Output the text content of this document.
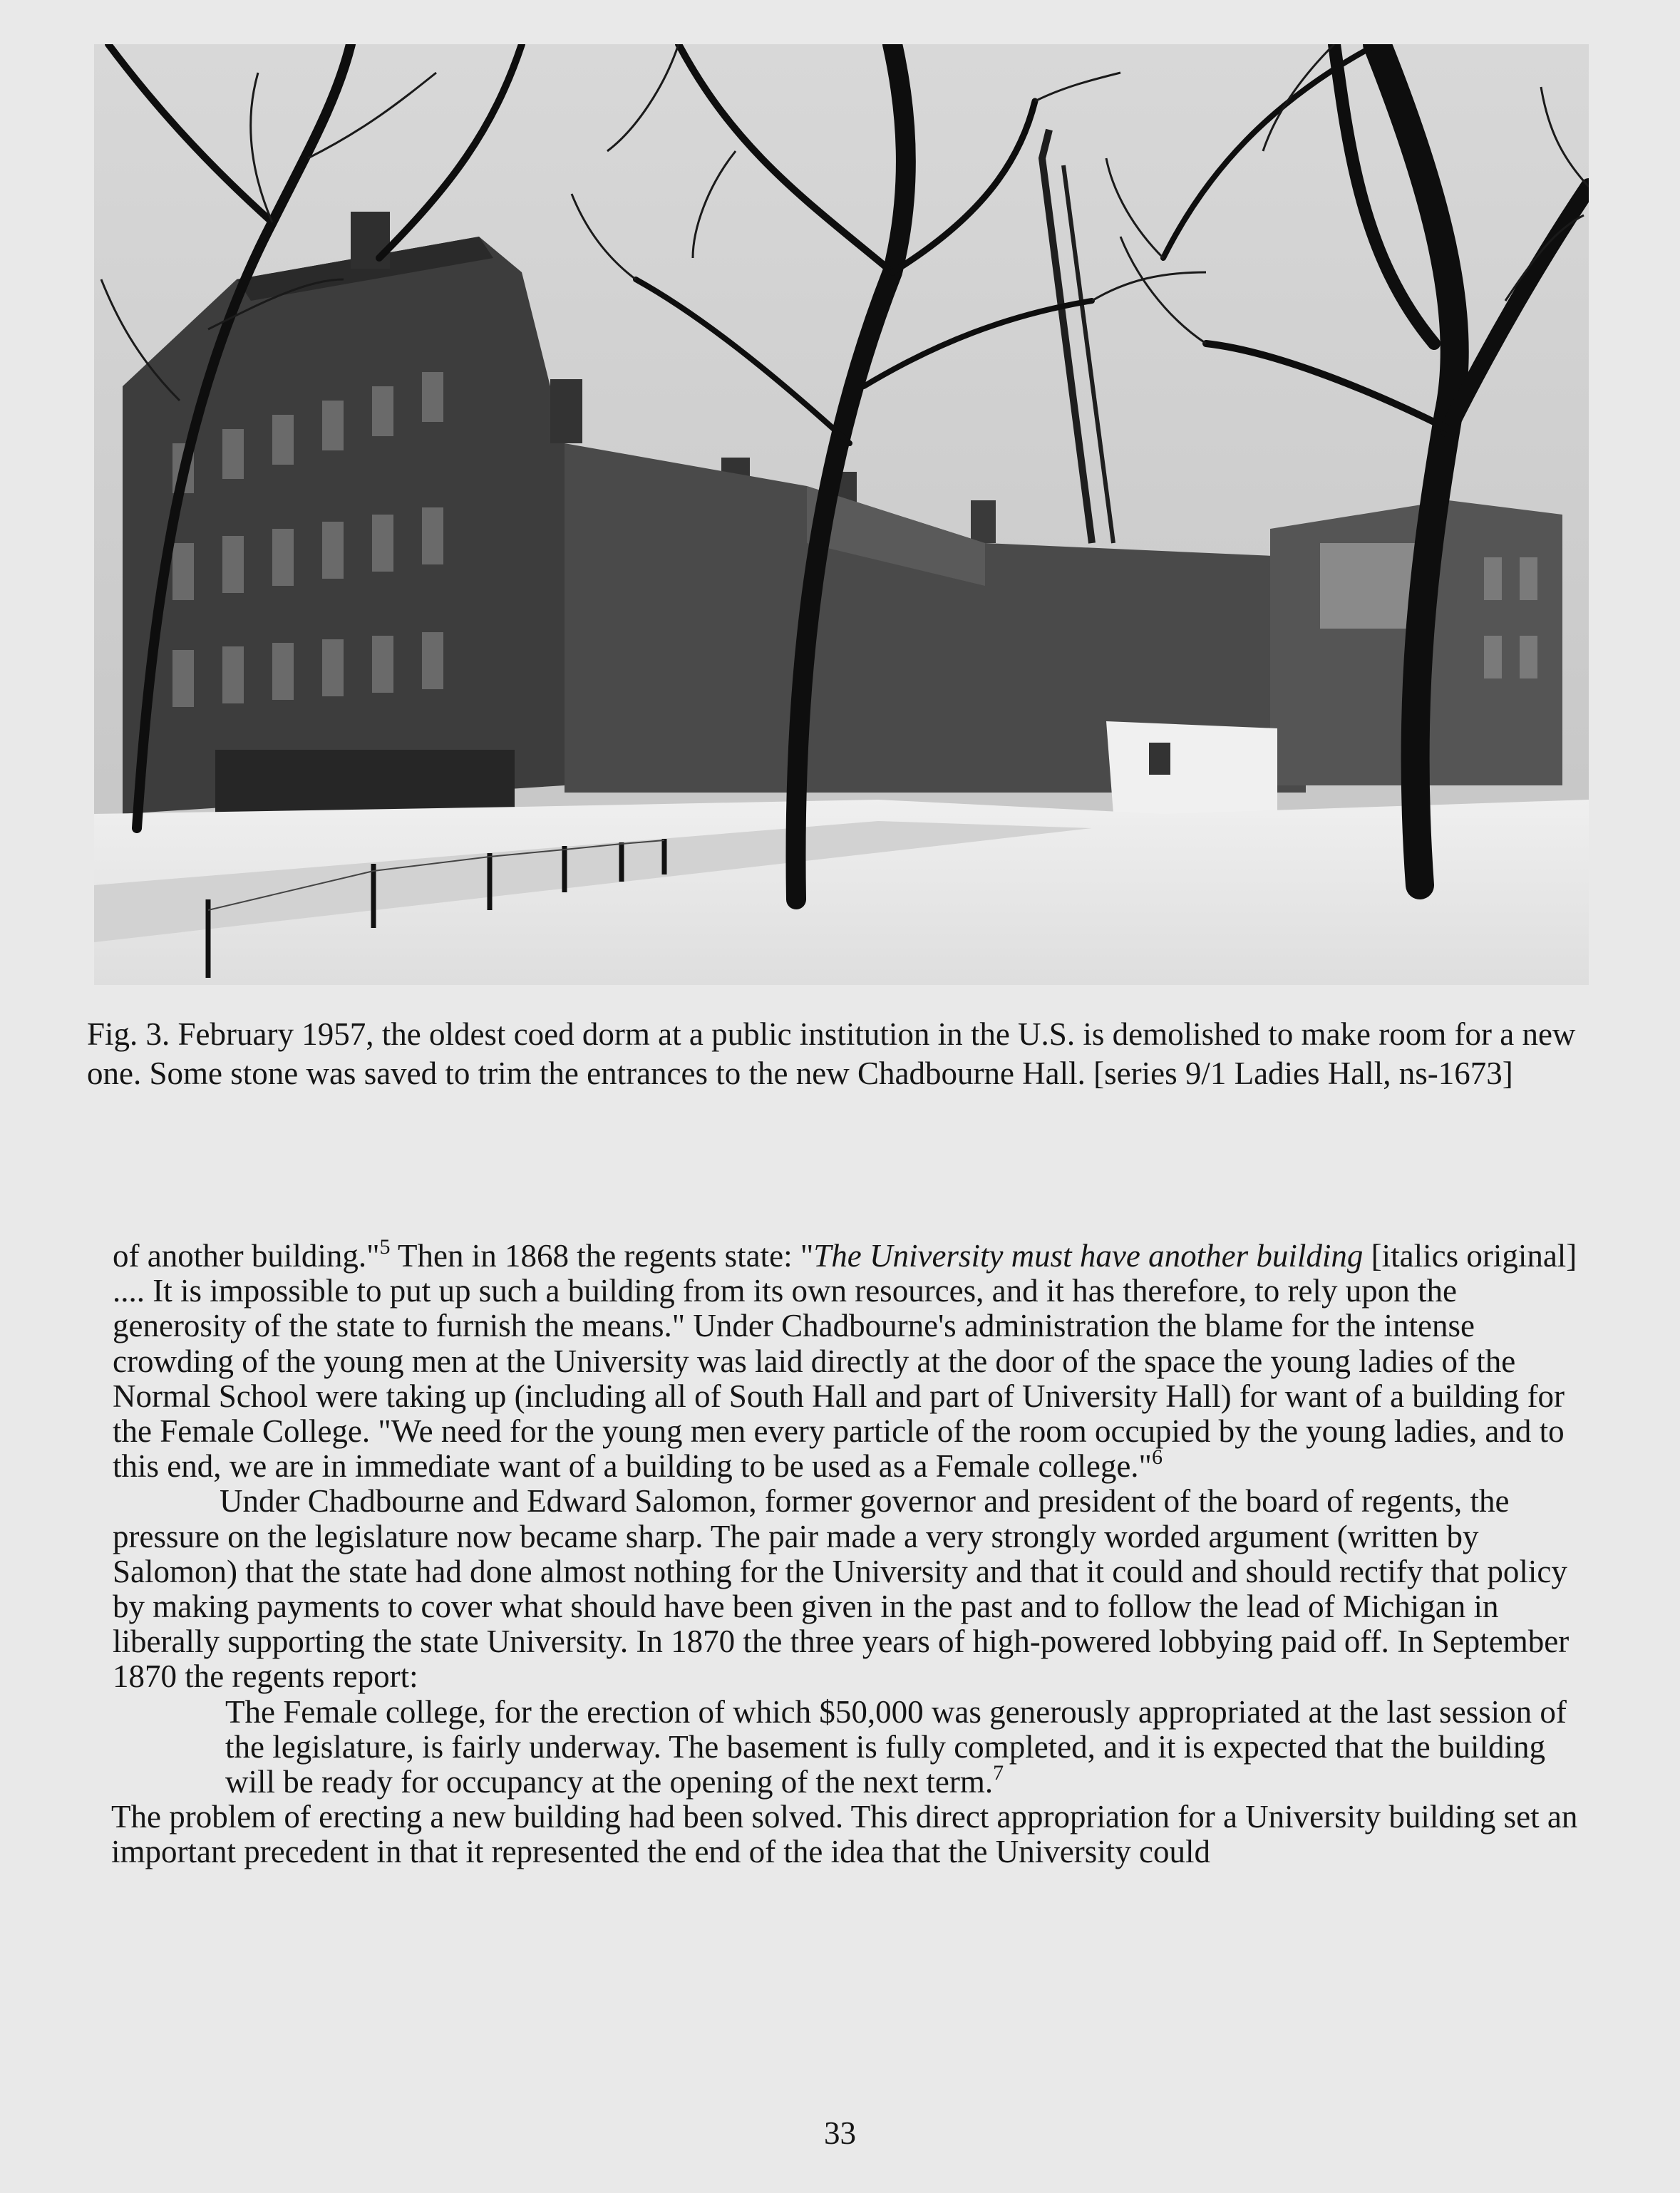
Fig. 3. February 1957, the oldest coed dorm at a public institution in the U.S. is demolished to make room for a new one. Some stone was saved to trim the entrances to the new Chadbourne Hall. [series 9/1 Ladies Hall, ns-1673]

of another building."$^5$ Then in 1868 the regents state: "The University must have another building [italics original] .... It is impossible to put up such a building from its own resources, and it has therefore, to rely upon the generosity of the state to furnish the means." Under Chadbourne's administration the blame for the intense crowding of the young men at the University was laid directly at the door of the space the young ladies of the Normal School were taking up (including all of South Hall and part of University Hall) for want of a building for the Female College. "We need for the young men every particle of the room occupied by the young ladies, and to this end, we are in immediate want of a building to be used as a Female college."$^6$

Under Chadbourne and Edward Salomon, former governor and president of the board of regents, the pressure on the legislature now became sharp. The pair made a very strongly worded argument (written by Salomon) that the state had done almost nothing for the University and that it could and should rectify that policy by making payments to cover what should have been given in the past and to follow the lead of Michigan in liberally supporting the state University. In 1870 the three years of high-powered lobbying paid off. In September 1870 the regents report:

The Female college, for the erection of which $50,000 was generously appropriated at the last session of the legislature, is fairly underway. The basement is fully completed, and it is expected that the building will be ready for occupancy at the opening of the next term.$^7$

The problem of erecting a new building had been solved. This direct appropriation for a University building set an important precedent in that it represented the end of the idea that the University could

33
